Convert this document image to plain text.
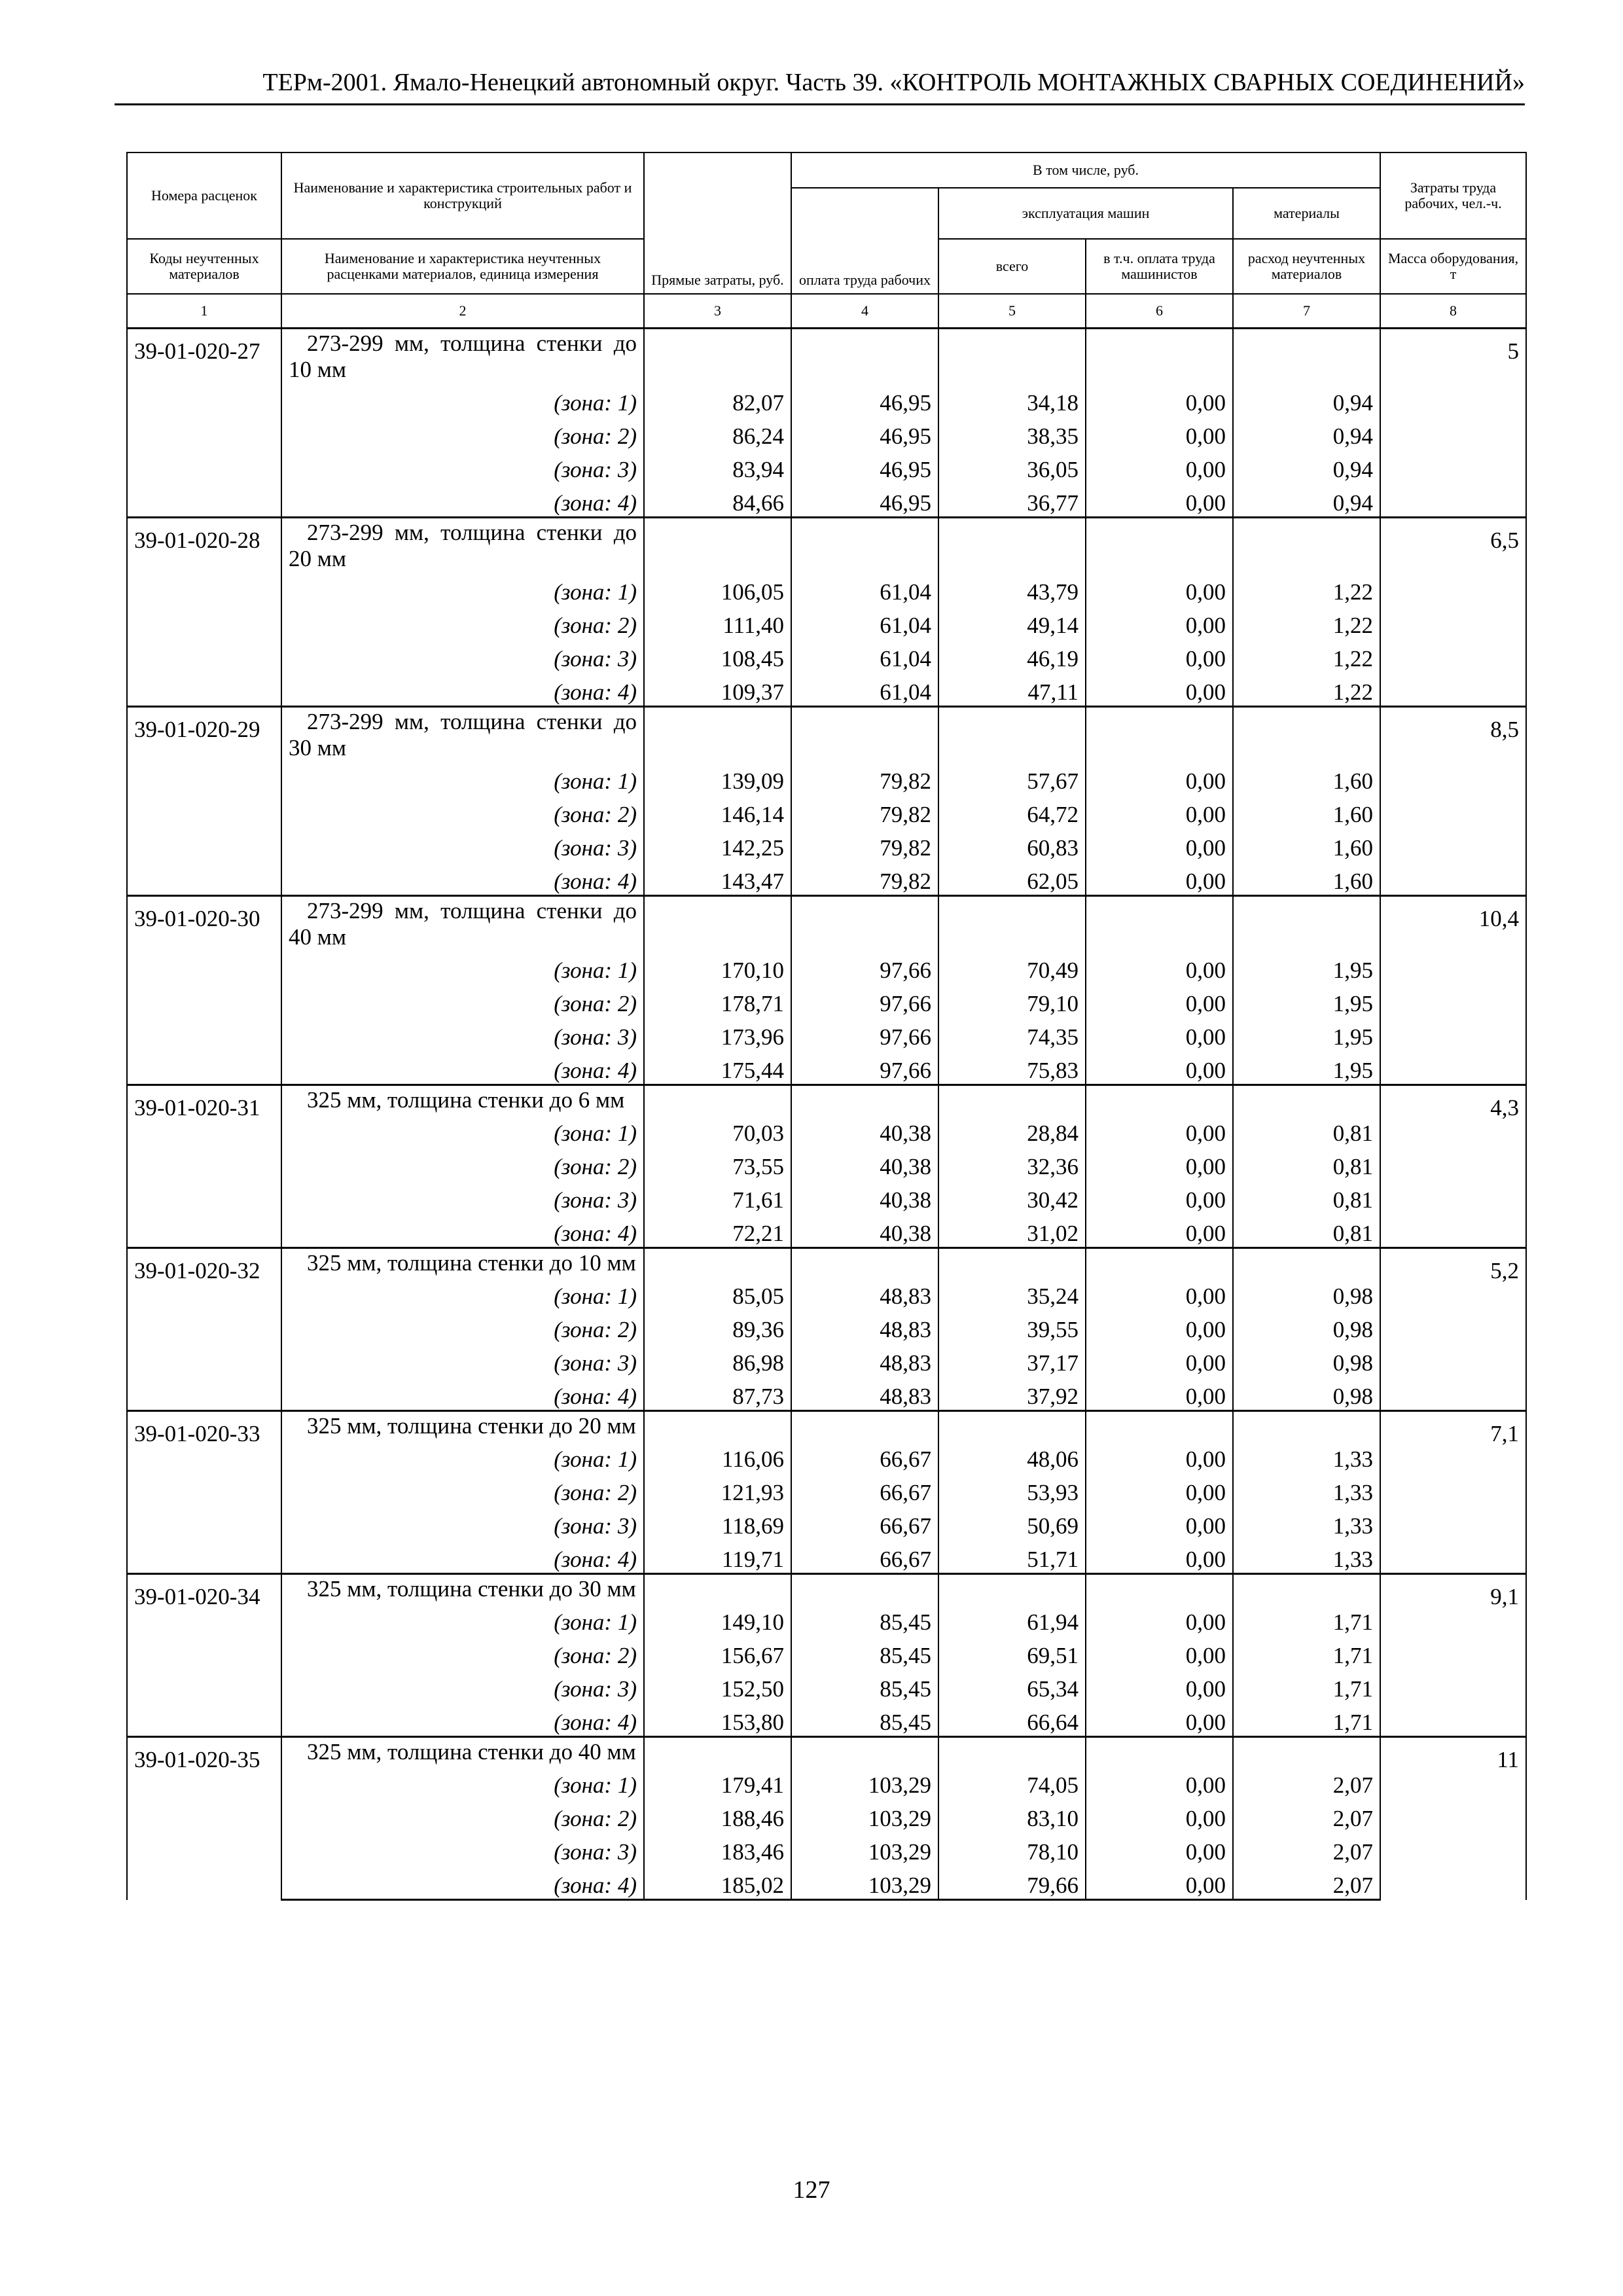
ТЕРм-2001. Ямало-Ненецкий автономный округ. Часть 39. «КОНТРОЛЬ МОНТАЖНЫХ СВАРНЫХ СОЕДИНЕНИЙ»
Номера расценок	Наименование и характеристика строительных работ и конструкций	Прямые затраты, руб.	В том числе, руб.				Затраты труда рабочих, чел.-ч.
			оплата труда рабочих	эксплуатация машин		материалы	
Коды неучтенных материалов	Наименование и характеристика неучтенных расценками материалов, единица измерения			всего	в т.ч. оплата труда машинистов	расход неучтенных материалов	Масса оборудования, т
1	2	3	4	5	6	7	8
39-01-020-27	273-299 мм, толщина стенки до 10 мм						5
	(зона: 1)	82,07	46,95	34,18	0,00	0,94	
	(зона: 2)	86,24	46,95	38,35	0,00	0,94	
	(зона: 3)	83,94	46,95	36,05	0,00	0,94	
	(зона: 4)	84,66	46,95	36,77	0,00	0,94	
39-01-020-28	273-299 мм, толщина стенки до 20 мм						6,5
	(зона: 1)	106,05	61,04	43,79	0,00	1,22	
	(зона: 2)	111,40	61,04	49,14	0,00	1,22	
	(зона: 3)	108,45	61,04	46,19	0,00	1,22	
	(зона: 4)	109,37	61,04	47,11	0,00	1,22	
39-01-020-29	273-299 мм, толщина стенки до 30 мм						8,5
	(зона: 1)	139,09	79,82	57,67	0,00	1,60	
	(зона: 2)	146,14	79,82	64,72	0,00	1,60	
	(зона: 3)	142,25	79,82	60,83	0,00	1,60	
	(зона: 4)	143,47	79,82	62,05	0,00	1,60	
39-01-020-30	273-299 мм, толщина стенки до 40 мм						10,4
	(зона: 1)	170,10	97,66	70,49	0,00	1,95	
	(зона: 2)	178,71	97,66	79,10	0,00	1,95	
	(зона: 3)	173,96	97,66	74,35	0,00	1,95	
	(зона: 4)	175,44	97,66	75,83	0,00	1,95	
39-01-020-31	325 мм, толщина стенки до 6 мм						4,3
	(зона: 1)	70,03	40,38	28,84	0,00	0,81	
	(зона: 2)	73,55	40,38	32,36	0,00	0,81	
	(зона: 3)	71,61	40,38	30,42	0,00	0,81	
	(зона: 4)	72,21	40,38	31,02	0,00	0,81	
39-01-020-32	325 мм, толщина стенки до 10 мм						5,2
	(зона: 1)	85,05	48,83	35,24	0,00	0,98	
	(зона: 2)	89,36	48,83	39,55	0,00	0,98	
	(зона: 3)	86,98	48,83	37,17	0,00	0,98	
	(зона: 4)	87,73	48,83	37,92	0,00	0,98	
39-01-020-33	325 мм, толщина стенки до 20 мм						7,1
	(зона: 1)	116,06	66,67	48,06	0,00	1,33	
	(зона: 2)	121,93	66,67	53,93	0,00	1,33	
	(зона: 3)	118,69	66,67	50,69	0,00	1,33	
	(зона: 4)	119,71	66,67	51,71	0,00	1,33	
39-01-020-34	325 мм, толщина стенки до 30 мм						9,1
	(зона: 1)	149,10	85,45	61,94	0,00	1,71	
	(зона: 2)	156,67	85,45	69,51	0,00	1,71	
	(зона: 3)	152,50	85,45	65,34	0,00	1,71	
	(зона: 4)	153,80	85,45	66,64	0,00	1,71	
39-01-020-35	325 мм, толщина стенки до 40 мм						11
	(зона: 1)	179,41	103,29	74,05	0,00	2,07	
	(зона: 2)	188,46	103,29	83,10	0,00	2,07	
	(зона: 3)	183,46	103,29	78,10	0,00	2,07	
	(зона: 4)	185,02	103,29	79,66	0,00	2,07	
127
